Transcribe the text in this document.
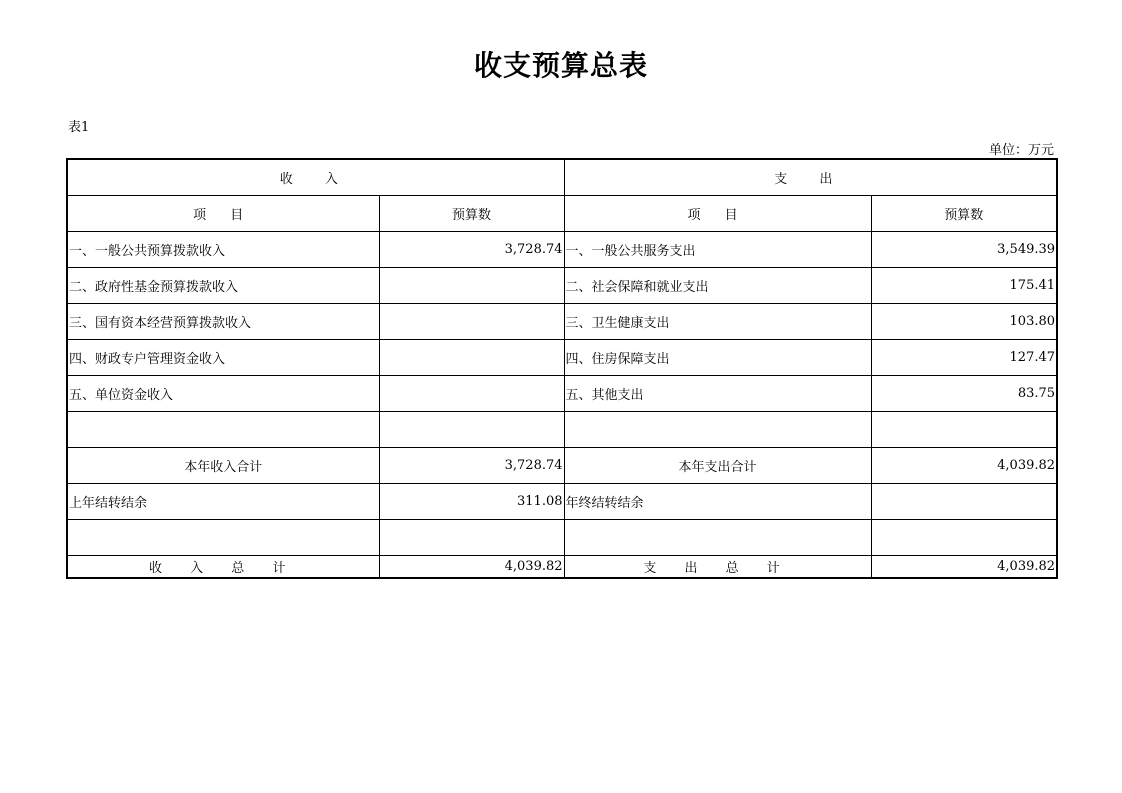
收支预算总表
表1
单位：万元
收 入		支 出	
项 目	预算数	项 目	预算数
一、一般公共预算拨款收入	3,728.74	一、一般公共服务支出	3,549.39
二、政府性基金预算拨款收入		二、社会保障和就业支出	175.41
三、国有资本经营预算拨款收入		三、卫生健康支出	103.80
四、财政专户管理资金收入		四、住房保障支出	127.47
五、单位资金收入		五、其他支出	83.75

本年收入合计	3,728.74	本年支出合计	4,039.82
上年结转结余	311.08	年终结转结余	

收 入 总 计	4,039.82	支 出 总 计	4,039.82
